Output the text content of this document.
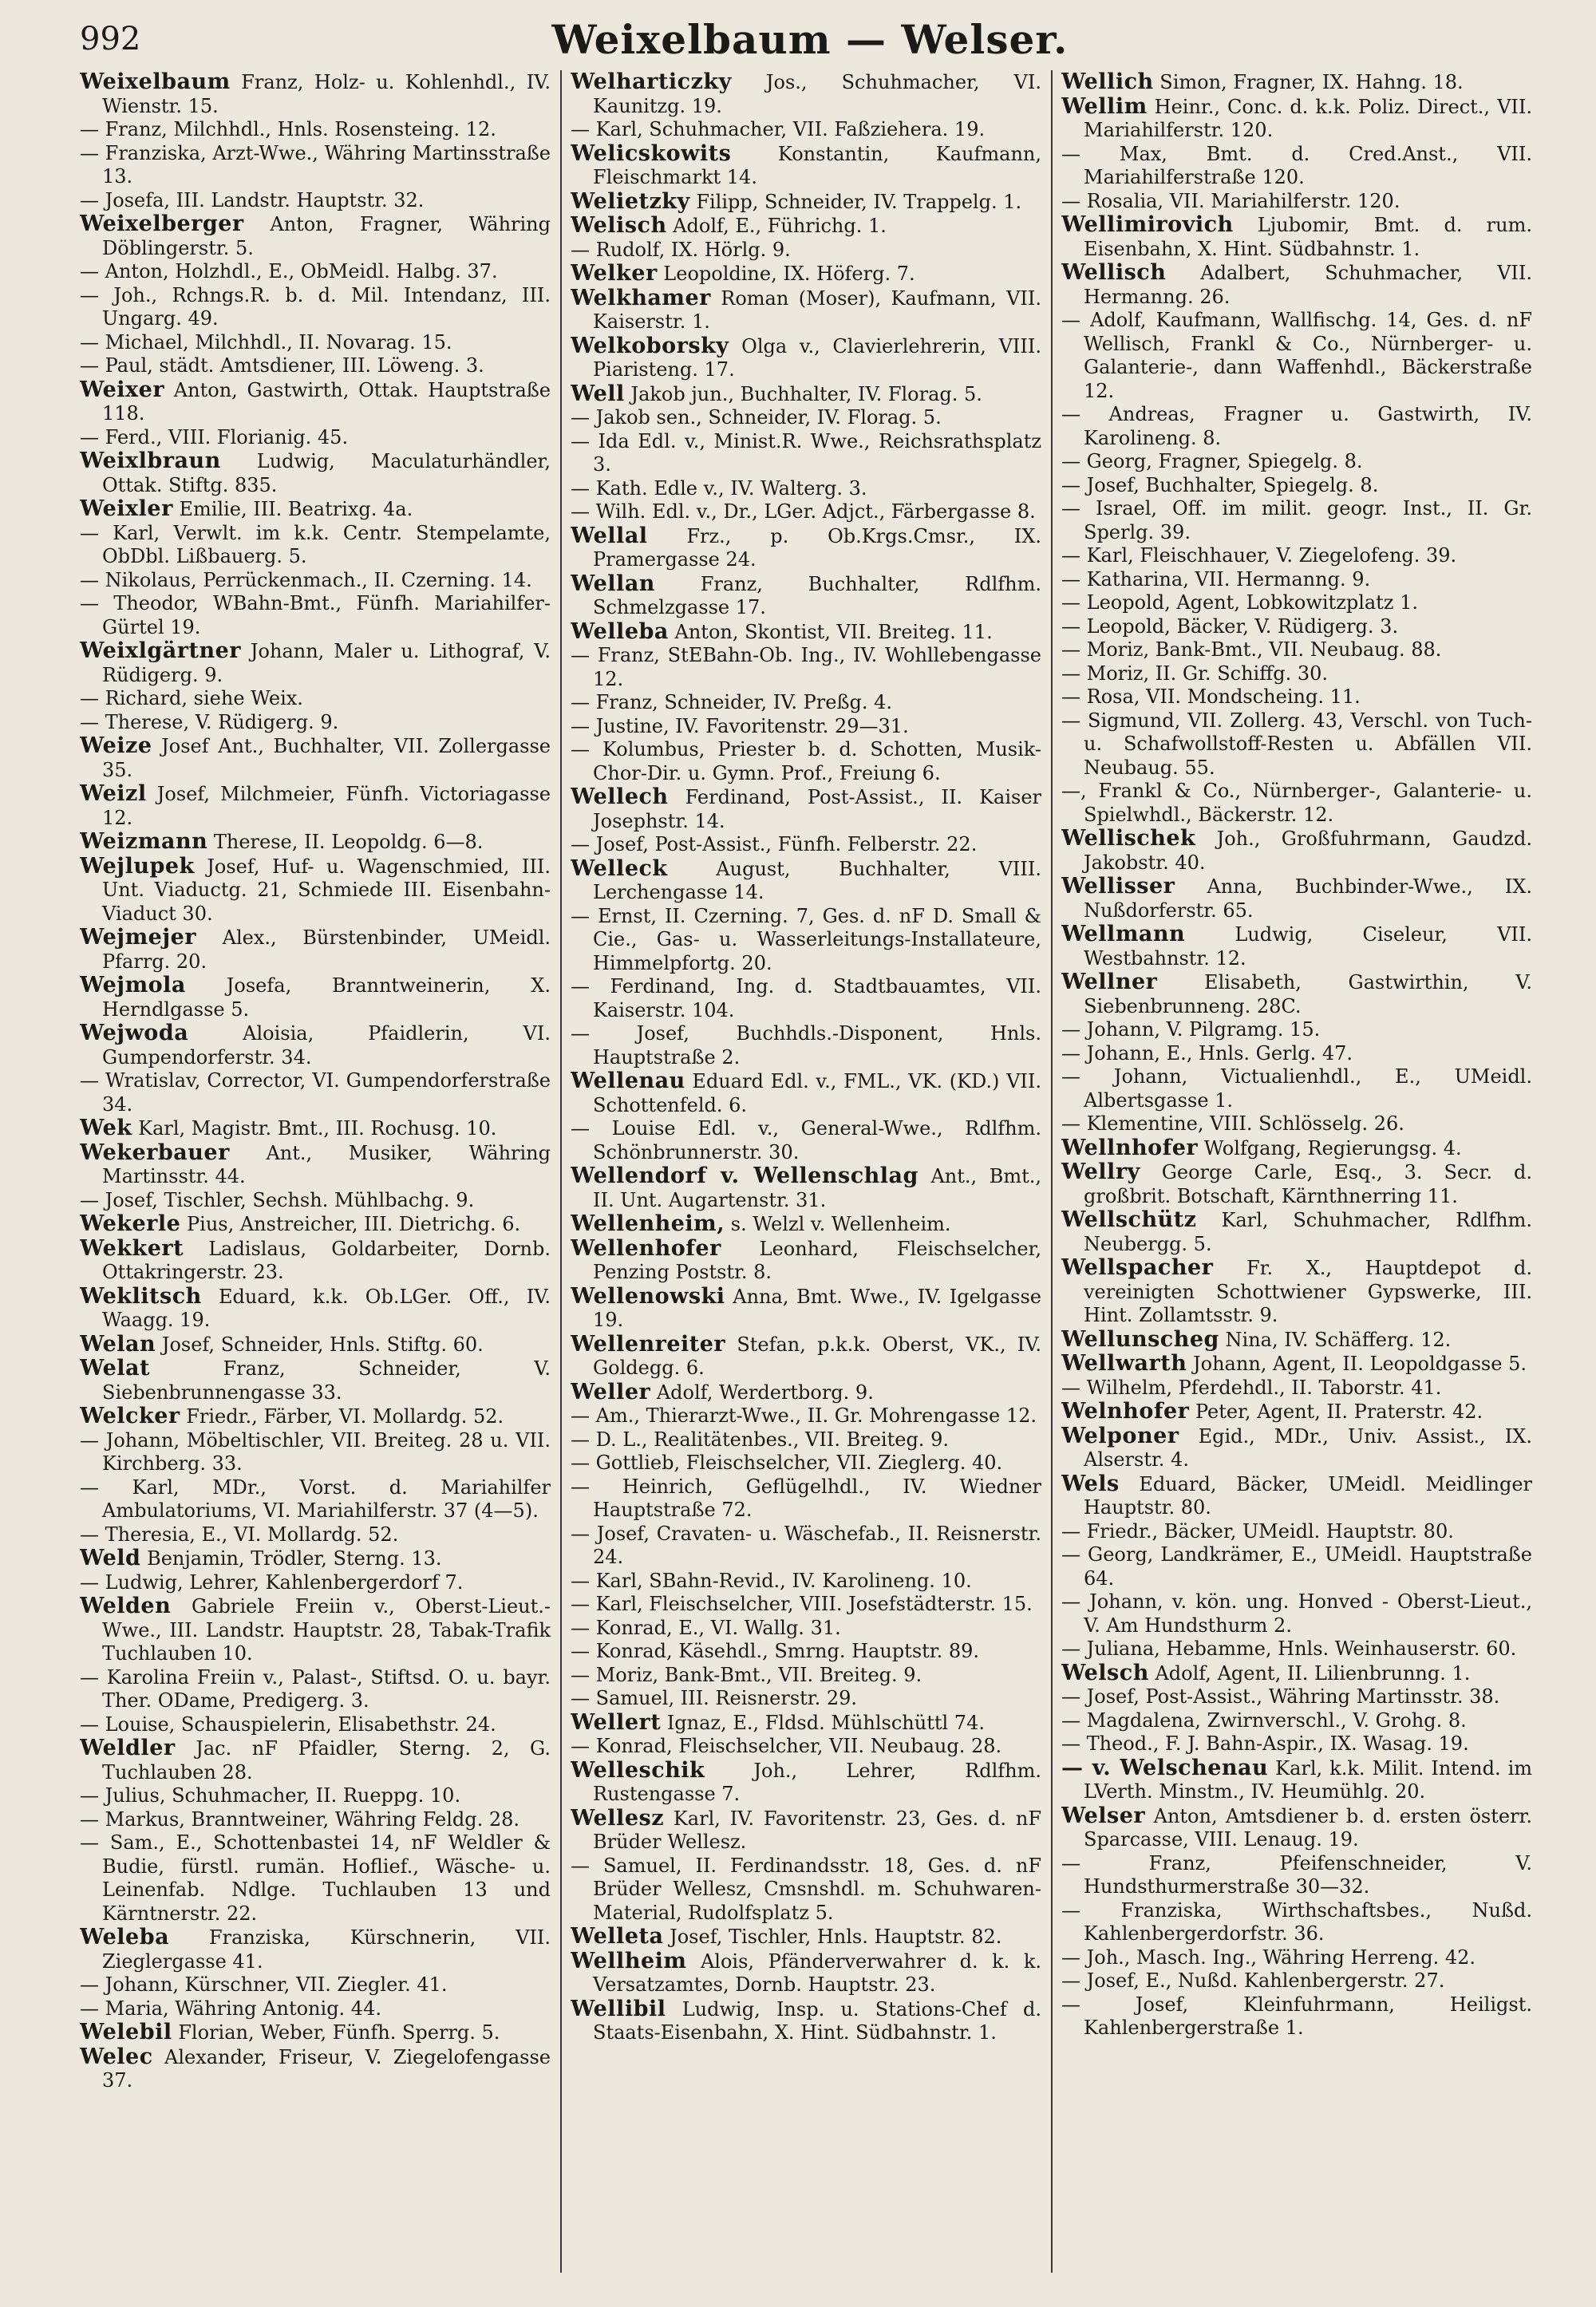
992	Weixelbaum — Welser.
Weixelbaum Franz, Holz- u. Kohlenhdl., IV. Wienstr. 15.
— Franz, Milchhdl., Hnls. Rosensteing. 12.
— Franziska, Arzt-Wwe., Währing Martinsstraße 13.
— Josefa, III. Landstr. Hauptstr. 32.
Weixelberger Anton, Fragner, Währing Döblingerstr. 5.
— Anton, Holzhdl., E., ObMeidl. Halbg. 37.
— Joh., Rchngs.R. b. d. Mil. Intendanz, III. Ungarg. 49.
— Michael, Milchhdl., II. Novarag. 15.
— Paul, städt. Amtsdiener, III. Löweng. 3.
Weixer Anton, Gastwirth, Ottak. Hauptstraße 118.
— Ferd., VIII. Florianig. 45.
Weixlbraun Ludwig, Maculaturhändler, Ottak. Stiftg. 835.
Weixler Emilie, III. Beatrixg. 4a.
— Karl, Verwlt. im k.k. Centr. Stempelamte, ObDbl. Lißbauerg. 5.
— Nikolaus, Perrückenmach., II. Czerning. 14.
— Theodor, WBahn-Bmt., Fünfh. Mariahilfer-Gürtel 19.
Weixlgärtner Johann, Maler u. Lithograf, V. Rüdigerg. 9.
— Richard, siehe Weix.
— Therese, V. Rüdigerg. 9.
Weize Josef Ant., Buchhalter, VII. Zollergasse 35.
Weizl Josef, Milchmeier, Fünfh. Victoriagasse 12.
Weizmann Therese, II. Leopoldg. 6—8.
Wejlupek Josef, Huf- u. Wagenschmied, III. Unt. Viaductg. 21, Schmiede III. Eisenbahn-Viaduct 30.
Wejmejer Alex., Bürstenbinder, UMeidl. Pfarrg. 20.
Wejmola Josefa, Branntweinerin, X. Herndlgasse 5.
Wejwoda Aloisia, Pfaidlerin, VI. Gumpendorferstr. 34.
— Wratislav, Corrector, VI. Gumpendorferstraße 34.
Wek Karl, Magistr. Bmt., III. Rochusg. 10.
Wekerbauer Ant., Musiker, Währing Martinsstr. 44.
— Josef, Tischler, Sechsh. Mühlbachg. 9.
Wekerle Pius, Anstreicher, III. Dietrichg. 6.
Wekkert Ladislaus, Goldarbeiter, Dornb. Ottakringerstr. 23.
Weklitsch Eduard, k.k. Ob.LGer. Off., IV. Waagg. 19.
Welan Josef, Schneider, Hnls. Stiftg. 60.
Welat Franz, Schneider, V. Siebenbrunnengasse 33.
Welcker Friedr., Färber, VI. Mollardg. 52.
— Johann, Möbeltischler, VII. Breiteg. 28 u. VII. Kirchberg. 33.
— Karl, MDr., Vorst. d. Mariahilfer Ambulatoriums, VI. Mariahilferstr. 37 (4—5).
— Theresia, E., VI. Mollardg. 52.
Weld Benjamin, Trödler, Sterng. 13.
— Ludwig, Lehrer, Kahlenbergerdorf 7.
Welden Gabriele Freiin v., Oberst-Lieut.-Wwe., III. Landstr. Hauptstr. 28, Tabak-Trafik Tuchlauben 10.
— Karolina Freiin v., Palast-, Stiftsd. O. u. bayr. Ther. ODame, Predigerg. 3.
— Louise, Schauspielerin, Elisabethstr. 24.
Weldler Jac. nF Pfaidler, Sterng. 2, G. Tuchlauben 28.
— Julius, Schuhmacher, II. Rueppg. 10.
— Markus, Branntweiner, Währing Feldg. 28.
— Sam., E., Schottenbastei 14, nF Weldler & Budie, fürstl. rumän. Hoflief., Wäsche- u. Leinenfab. Ndlge. Tuchlauben 13 und Kärntnerstr. 22.
Weleba Franziska, Kürschnerin, VII. Zieglergasse 41.
— Johann, Kürschner, VII. Ziegler. 41.
— Maria, Währing Antonig. 44.
Welebil Florian, Weber, Fünfh. Sperrg. 5.
Welec Alexander, Friseur, V. Ziegelofengasse 37.
Welharticzky Jos., Schuhmacher, VI. Kaunitzg. 19.
— Karl, Schuhmacher, VII. Faßziehera. 19.
Welicskowits Konstantin, Kaufmann, Fleischmarkt 14.
Welietzky Filipp, Schneider, IV. Trappelg. 1.
Welisch Adolf, E., Führichg. 1.
— Rudolf, IX. Hörlg. 9.
Welker Leopoldine, IX. Höferg. 7.
Welkhamer Roman (Moser), Kaufmann, VII. Kaiserstr. 1.
Welkoborsky Olga v., Clavierlehrerin, VIII. Piaristeng. 17.
Well Jakob jun., Buchhalter, IV. Florag. 5.
— Jakob sen., Schneider, IV. Florag. 5.
— Ida Edl. v., Minist.R. Wwe., Reichsrathsplatz 3.
— Kath. Edle v., IV. Walterg. 3.
— Wilh. Edl. v., Dr., LGer. Adjct., Färbergasse 8.
Wellal Frz., p. Ob.Krgs.Cmsr., IX. Pramergasse 24.
Wellan Franz, Buchhalter, Rdlfhm. Schmelzgasse 17.
Welleba Anton, Skontist, VII. Breiteg. 11.
— Franz, StEBahn-Ob. Ing., IV. Wohllebengasse 12.
— Franz, Schneider, IV. Preßg. 4.
— Justine, IV. Favoritenstr. 29—31.
— Kolumbus, Priester b. d. Schotten, Musik-Chor-Dir. u. Gymn. Prof., Freiung 6.
Wellech Ferdinand, Post-Assist., II. Kaiser Josephstr. 14.
— Josef, Post-Assist., Fünfh. Felberstr. 22.
Welleck August, Buchhalter, VIII. Lerchengasse 14.
— Ernst, II. Czerning. 7, Ges. d. nF D. Small & Cie., Gas- u. Wasserleitungs-Installateure, Himmelpfortg. 20.
— Ferdinand, Ing. d. Stadtbauamtes, VII. Kaiserstr. 104.
— Josef, Buchhdls.-Disponent, Hnls. Hauptstraße 2.
Wellenau Eduard Edl. v., FML., VK. (KD.) VII. Schottenfeld. 6.
— Louise Edl. v., General-Wwe., Rdlfhm. Schönbrunnerstr. 30.
Wellendorf v. Wellenschlag Ant., Bmt., II. Unt. Augartenstr. 31.
Wellenheim, s. Welzl v. Wellenheim.
Wellenhofer Leonhard, Fleischselcher, Penzing Poststr. 8.
Wellenowski Anna, Bmt. Wwe., IV. Igelgasse 19.
Wellenreiter Stefan, p.k.k. Oberst, VK., IV. Goldegg. 6.
Weller Adolf, Werdertborg. 9.
— Am., Thierarzt-Wwe., II. Gr. Mohrengasse 12.
— D. L., Realitätenbes., VII. Breiteg. 9.
— Gottlieb, Fleischselcher, VII. Zieglerg. 40.
— Heinrich, Geflügelhdl., IV. Wiedner Hauptstraße 72.
— Josef, Cravaten- u. Wäschefab., II. Reisnerstr. 24.
— Karl, SBahn-Revid., IV. Karolineng. 10.
— Karl, Fleischselcher, VIII. Josefstädterstr. 15.
— Konrad, E., VI. Wallg. 31.
— Konrad, Käsehdl., Smrng. Hauptstr. 89.
— Moriz, Bank-Bmt., VII. Breiteg. 9.
— Samuel, III. Reisnerstr. 29.
Wellert Ignaz, E., Fldsd. Mühlschüttl 74.
— Konrad, Fleischselcher, VII. Neubaug. 28.
Welleschik Joh., Lehrer, Rdlfhm. Rustengasse 7.
Wellesz Karl, IV. Favoritenstr. 23, Ges. d. nF Brüder Wellesz.
— Samuel, II. Ferdinandsstr. 18, Ges. d. nF Brüder Wellesz, Cmsnshdl. m. Schuhwaren-Material, Rudolfsplatz 5.
Welleta Josef, Tischler, Hnls. Hauptstr. 82.
Wellheim Alois, Pfänderverwahrer d. k. k. Versatzamtes, Dornb. Hauptstr. 23.
Wellibil Ludwig, Insp. u. Stations-Chef d. Staats-Eisenbahn, X. Hint. Südbahnstr. 1.
Wellich Simon, Fragner, IX. Hahng. 18.
Wellim Heinr., Conc. d. k.k. Poliz. Direct., VII. Mariahilferstr. 120.
— Max, Bmt. d. Cred.Anst., VII. Mariahilferstraße 120.
— Rosalia, VII. Mariahilferstr. 120.
Wellimirovich Ljubomir, Bmt. d. rum. Eisenbahn, X. Hint. Südbahnstr. 1.
Wellisch Adalbert, Schuhmacher, VII. Hermanng. 26.
— Adolf, Kaufmann, Wallfischg. 14, Ges. d. nF Wellisch, Frankl & Co., Nürnberger- u. Galanterie-, dann Waffenhdl., Bäckerstraße 12.
— Andreas, Fragner u. Gastwirth, IV. Karolineng. 8.
— Georg, Fragner, Spiegelg. 8.
— Josef, Buchhalter, Spiegelg. 8.
— Israel, Off. im milit. geogr. Inst., II. Gr. Sperlg. 39.
— Karl, Fleischhauer, V. Ziegelofeng. 39.
— Katharina, VII. Hermanng. 9.
— Leopold, Agent, Lobkowitzplatz 1.
— Leopold, Bäcker, V. Rüdigerg. 3.
— Moriz, Bank-Bmt., VII. Neubaug. 88.
— Moriz, II. Gr. Schiffg. 30.
— Rosa, VII. Mondscheing. 11.
— Sigmund, VII. Zollerg. 43, Verschl. von Tuch- u. Schafwollstoff-Resten u. Abfällen VII. Neubaug. 55.
—, Frankl & Co., Nürnberger-, Galanterie- u. Spielwhdl., Bäckerstr. 12.
Wellischek Joh., Großfuhrmann, Gaudzd. Jakobstr. 40.
Wellisser Anna, Buchbinder-Wwe., IX. Nußdorferstr. 65.
Wellmann Ludwig, Ciseleur, VII. Westbahnstr. 12.
Wellner Elisabeth, Gastwirthin, V. Siebenbrunneng. 28C.
— Johann, V. Pilgramg. 15.
— Johann, E., Hnls. Gerlg. 47.
— Johann, Victualienhdl., E., UMeidl. Albertsgasse 1.
— Klementine, VIII. Schlösselg. 26.
Wellnhofer Wolfgang, Regierungsg. 4.
Wellry George Carle, Esq., 3. Secr. d. großbrit. Botschaft, Kärnthnerring 11.
Wellschütz Karl, Schuhmacher, Rdlfhm. Neubergg. 5.
Wellspacher Fr. X., Hauptdepot d. vereinigten Schottwiener Gypswerke, III. Hint. Zollamtsstr. 9.
Wellunscheg Nina, IV. Schäfferg. 12.
Wellwarth Johann, Agent, II. Leopoldgasse 5.
— Wilhelm, Pferdehdl., II. Taborstr. 41.
Welnhofer Peter, Agent, II. Praterstr. 42.
Welponer Egid., MDr., Univ. Assist., IX. Alserstr. 4.
Wels Eduard, Bäcker, UMeidl. Meidlinger Hauptstr. 80.
— Friedr., Bäcker, UMeidl. Hauptstr. 80.
— Georg, Landkrämer, E., UMeidl. Hauptstraße 64.
— Johann, v. kön. ung. Honved - Oberst-Lieut., V. Am Hundsthurm 2.
— Juliana, Hebamme, Hnls. Weinhauserstr. 60.
Welsch Adolf, Agent, II. Lilienbrunng. 1.
— Josef, Post-Assist., Währing Martinsstr. 38.
— Magdalena, Zwirnverschl., V. Grohg. 8.
— Theod., F. J. Bahn-Aspir., IX. Wasag. 19.
— v. Welschenau Karl, k.k. Milit. Intend. im LVerth. Minstm., IV. Heumühlg. 20.
Welser Anton, Amtsdiener b. d. ersten österr. Sparcasse, VIII. Lenaug. 19.
— Franz, Pfeifenschneider, V. Hundsthurmerstraße 30—32.
— Franziska, Wirthschaftsbes., Nußd. Kahlenbergerdorfstr. 36.
— Joh., Masch. Ing., Währing Herreng. 42.
— Josef, E., Nußd. Kahlenbergerstr. 27.
— Josef, Kleinfuhrmann, Heiligst. Kahlenbergerstraße 1.
